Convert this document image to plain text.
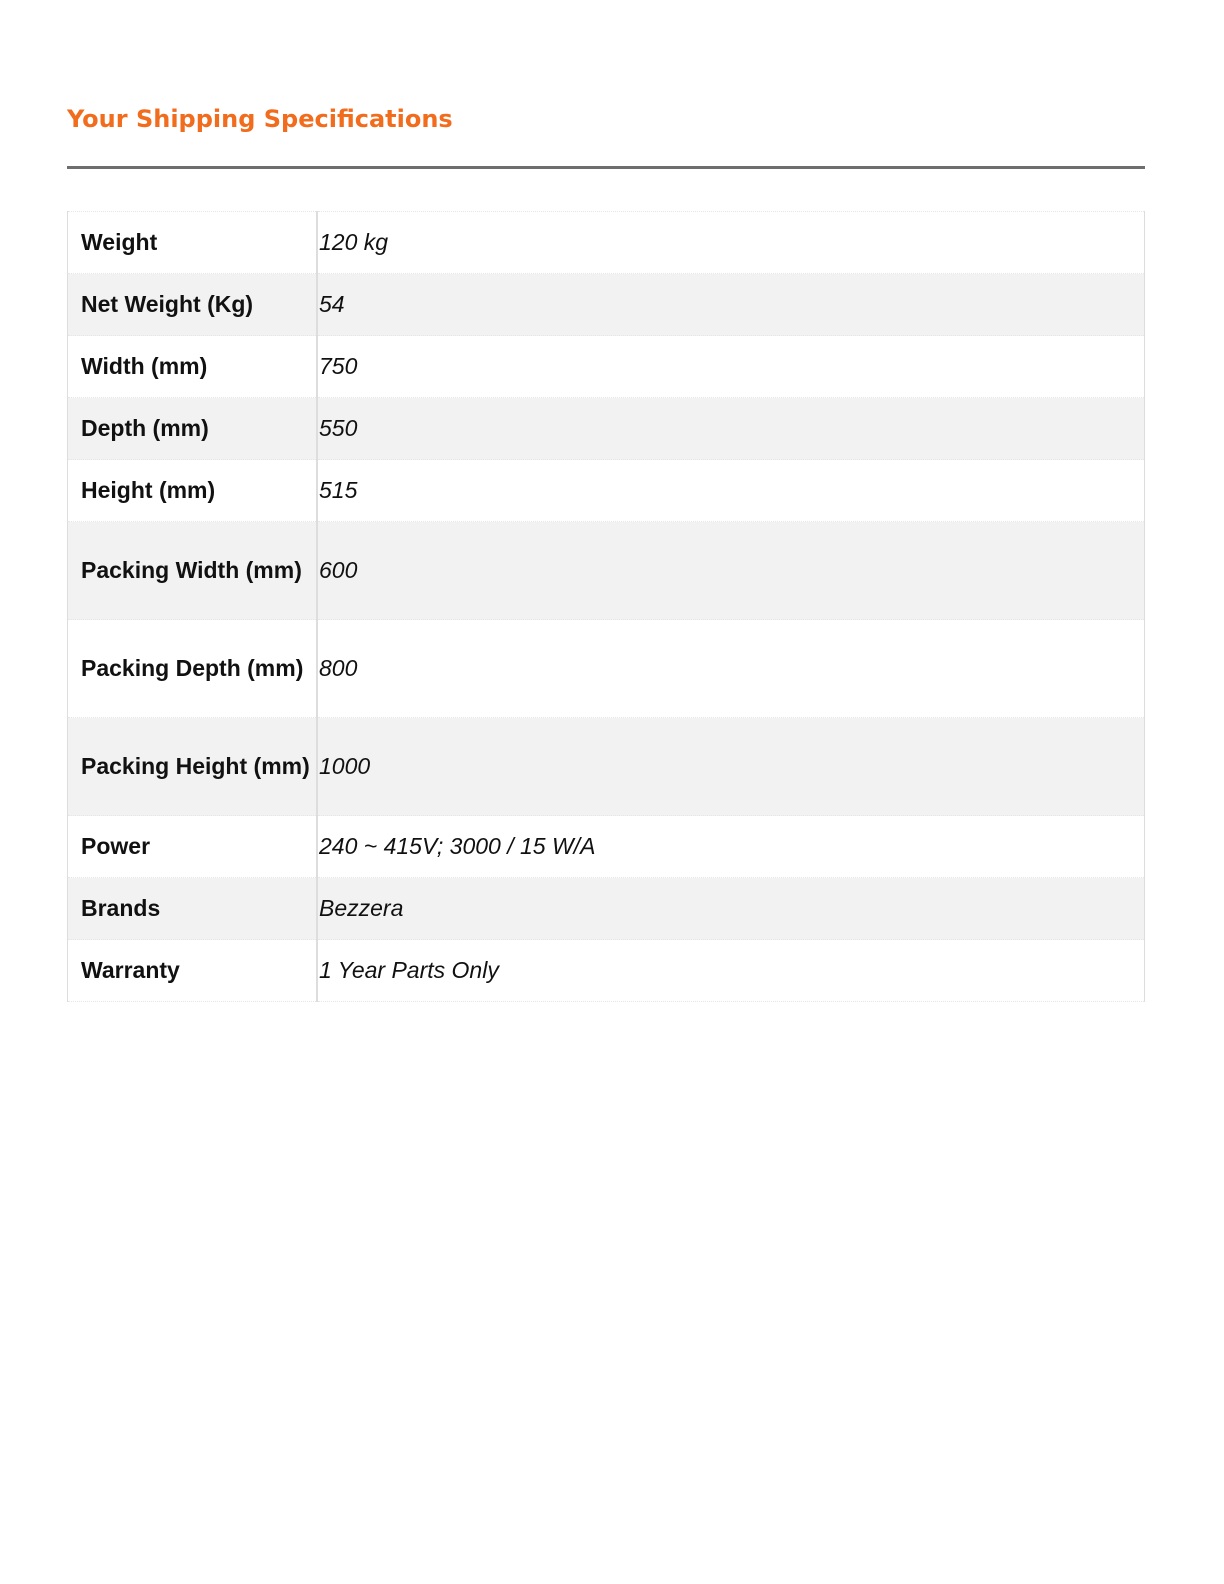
Your Shipping Specifications
Weight	120 kg
Net Weight (Kg)	54
Width (mm)	750
Depth (mm)	550
Height (mm)	515
Packing Width (mm)	600
Packing Depth (mm)	800
Packing Height (mm)	1000
Power	240 ~ 415V; 3000 / 15 W/A
Brands	Bezzera
Warranty	1 Year Parts Only
